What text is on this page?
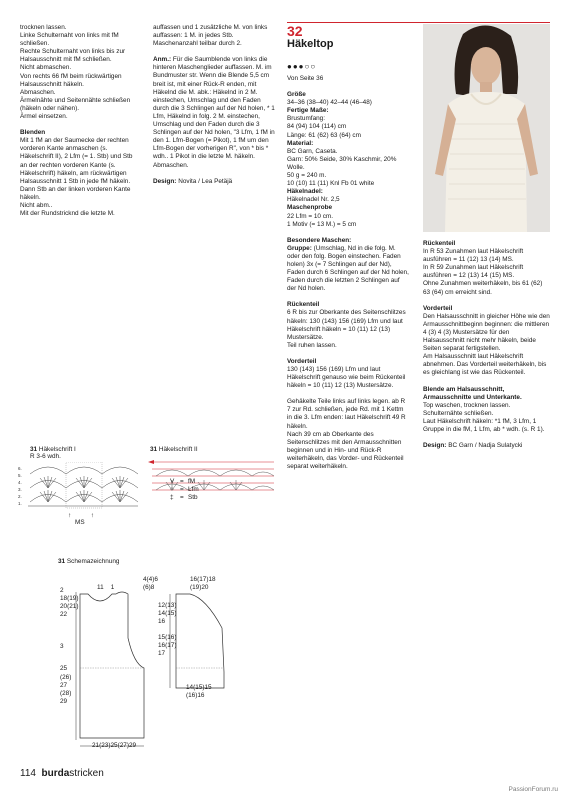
trocknen lassen.
Linke Schulternaht von links mit fM schließen.
Rechte Schulternaht von links bis zur Halsausschnitt mit fM schließen.
Nicht abmaschen.
Von rechts 66 fM beim rückwärtigen Halsausschnitt häkeln.
Abmaschen.
Ärmelnähte und Seitennähte schließen (häkeln oder nähen).
Ärmel einsetzen.

Blenden

Mit 1 fM an der Saumecke der rechten vorderen Kante anmaschen (s. Häkelschrift II), 2 Lfm (= 1. Stb) und Stb an der rechten vorderen Kante (s. Häkelschrift) häkeln, am rückwärtigen Halsausschnitt 1 Stb in jede fM häkeln. Dann Stb an der linken vorderen Kante häkeln.
Nicht abm..
Mit der Rundstricknd die letzte M.

auffassen und 1 zusätzliche M. von links auffassen: 1 M. in jedes Stb. Maschenanzahl teilbar durch 2.

Anm.: Für die Saumblende von links die hinteren Maschenglieder auffassen. M. im Bundmuster str. Wenn die Blende 5,5 cm breit ist, mit einer Rück-R enden, mit Häkelnd die M. abk.: Häkelnd in 2 M. einstechen, Umschlag und den Faden durch die 3 Schlingen auf der Nd holen, * 1 Lfm, Häkelnd in folg. 2 M. einstechen, Umschlag und den Faden durch die 3 Schlingen auf der Nd holen, "3 Lfm, 1 fM in den 1. Lfm-Bogen (= Pikot), 1 fM um den Lfm-Bogen der vorherigen R", von * bis * wdh.. 1 Pikot in die letzte M. häkeln. Abmaschen.

Design: Novita / Lea Petäjä

32
Häkeltop
●●●○○

Von Seite 36

Größe

34–36 (38–40) 42–44 (46–48)

Fertige Maße:

Brustumfang:
84 (94) 104 (114) cm
Länge: 61 (62) 63 (64) cm

Material:

BC Garn, Caseta.
Garn: 50% Seide, 30% Kaschmir, 20% Wolle.
50 g = 240 m.
10 (10) 11 (11) Knl Fb 01 white

Häkelnadel:

Häkelnadel Nr. 2,5

Maschenprobe

22 Lfm = 10 cm.
1 Motiv (= 13 M.) = 5 cm

Besondere Maschen:

Gruppe: (Umschlag, Nd in die folg. M. oder den folg. Bogen einstechen. Faden holen) 3x (= 7 Schlingen auf der Nd), Faden durch 6 Schlingen auf der Nd holen, Faden durch die letzten 2 Schlingen auf der Nd holen.

Rückenteil

6 R bis zur Oberkante des Seitenschlitzes häkeln: 130 (143) 156 (169) Lfm und laut Häkelschrift häkeln = 10 (11) 12 (13) Mustersätze.
Teil ruhen lassen.

Vorderteil

130 (143) 156 (169) Lfm und laut Häkelschrift genauso wie beim Rückenteil häkeln = 10 (11) 12 (13) Mustersätze.

Gehäkelte Teile links auf links legen. ab R 7 zur Rd. schließen, jede Rd. mit 1 Kettm in die 3. Lfm enden: laut Häkelschrift 49 R häkeln.
Nach 39 cm ab Oberkante des Seitenschlitzes mit den Armausschnitten beginnen und in Hin- und Rück-R weiterhäkeln, das Vorder- und Rückenteil separat weiterhäkeln.

Rückenteil

In R 53 Zunahmen laut Häkelschrift ausführen = 11 (12) 13 (14) MS.
In R 59 Zunahmen laut Häkelschrift ausführen = 12 (13) 14 (15) MS.
Ohne Zunahmen weiterhäkeln, bis 61 (62) 63 (64) cm erreicht sind.

Vorderteil

Den Halsausschnitt in gleicher Höhe wie den Armausschnittbeginn beginnen: die mittleren 4 (3) 4 (3) Mustersätze für den Halsausschnitt nicht mehr häkeln, beide Seiten separat fertigstellen.
Am Halsausschnitt laut Häkelschrift abnehmen. Das Vorderteil weiterhäkeln, bis es gleichlang ist wie das Rückenteil.

Blende am Halsausschnitt, Armausschnitte und Unterkante.

Top waschen, trocknen lassen. Schulternähte schließen.
Laut Häkelschrift häkeln: *1 fM, 3 Lfm, 1 Gruppe in die fM, 1 Lfm, ab * wdh. (s. R 1).

Design: BC Garn / Nadja Sulatycki

31 Häkelschrift I
R 3-6 wdh.
6.
5.
4.
3.
2.
1.
↑           ↑
MS
31 Häkelschrift II
V = fM
○ = Lfm
‡ = Stb
31 Schemazeichnung
2
18(19)
20(21)
22
3
25
(26)
27
(28)
29
11 1
4(4)6
(6)8
16(17)18
(19)20
12(13)
14(15)
16
15(16)
16(17)
17
14(15)15
(16)16
21(23)25(27)29
114 burdastricken
PassionForum.ru
